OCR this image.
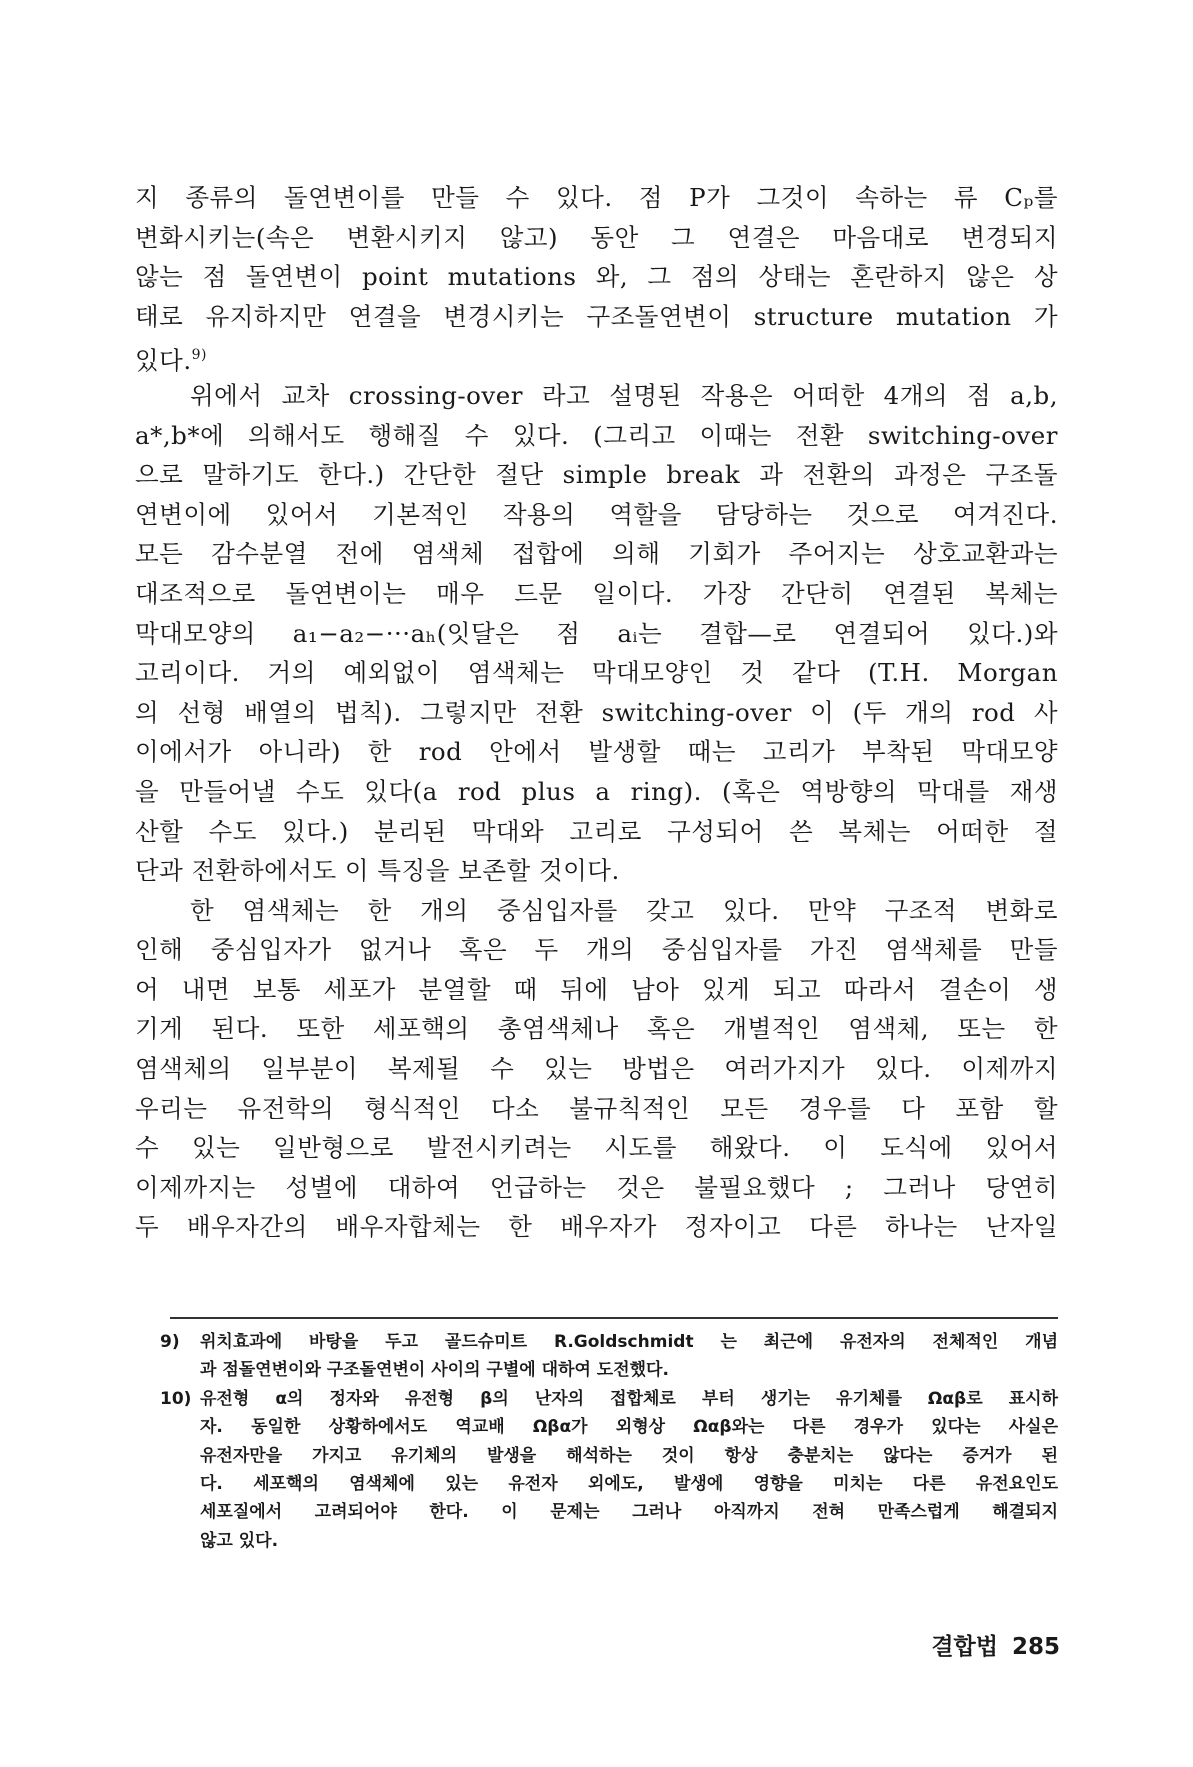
지 종류의 돌연변이를 만들 수 있다. 점 P가 그것이 속하는 류 Cₚ를
변화시키는(속은 변환시키지 않고) 동안 그 연결은 마음대로 변경되지
않는 점 돌연변이 point mutations 와, 그 점의 상태는 혼란하지 않은 상
태로 유지하지만 연결을 변경시키는 구조돌연변이 structure mutation 가
있다.$^{9)}$
위에서 교차 crossing-over 라고 설명된 작용은 어떠한 4개의 점 a,b,
a*,b*에 의해서도 행해질 수 있다. (그리고 이때는 전환 switching-over
으로 말하기도 한다.) 간단한 절단 simple break 과 전환의 과정은 구조돌
연변이에 있어서 기본적인 작용의 역할을 담당하는 것으로 여겨진다.
모든 감수분열 전에 염색체 접합에 의해 기회가 주어지는 상호교환과는
대조적으로 돌연변이는 매우 드문 일이다. 가장 간단히 연결된 복체는
막대모양의 a₁−a₂−···aₕ(잇달은 점 aᵢ는 결합—로 연결되어 있다.)와
고리이다. 거의 예외없이 염색체는 막대모양인 것 같다 (T.H. Morgan
의 선형 배열의 법칙). 그렇지만 전환 switching-over 이 (두 개의 rod 사
이에서가 아니라) 한 rod 안에서 발생할 때는 고리가 부착된 막대모양
을 만들어낼 수도 있다(a rod plus a ring). (혹은 역방향의 막대를 재생
산할 수도 있다.) 분리된 막대와 고리로 구성되어 쓴 복체는 어떠한 절
단과 전환하에서도 이 특징을 보존할 것이다.
한 염색체는 한 개의 중심입자를 갖고 있다. 만약 구조적 변화로
인해 중심입자가 없거나 혹은 두 개의 중심입자를 가진 염색체를 만들
어 내면 보통 세포가 분열할 때 뒤에 남아 있게 되고 따라서 결손이 생
기게 된다. 또한 세포핵의 총염색체나 혹은 개별적인 염색체, 또는 한
염색체의 일부분이 복제될 수 있는 방법은 여러가지가 있다. 이제까지
우리는 유전학의 형식적인 다소 불규칙적인 모든 경우를 다 포함 할
수 있는 일반형으로 발전시키려는 시도를 해왔다. 이 도식에 있어서
이제까지는 성별에 대하여 언급하는 것은 불필요했다 ; 그러나 당연히
두 배우자간의 배우자합체는 한 배우자가 정자이고 다른 하나는 난자일
9) 위치효과에 바탕을 두고 골드슈미트 R.Goldschmidt 는 최근에 유전자의 전체적인 개념
과 점돌연변이와 구조돌연변이 사이의 구별에 대하여 도전했다.
10) 유전형 α의 정자와 유전형 β의 난자의 접합체로 부터 생기는 유기체를 Ωαβ로 표시하
자. 동일한 상황하에서도 역교배 Ωβα가 외형상 Ωαβ와는 다른 경우가 있다는 사실은
유전자만을 가지고 유기체의 발생을 해석하는 것이 항상 충분치는 않다는 증거가 된
다. 세포핵의 염색체에 있는 유전자 외에도, 발생에 영향을 미치는 다른 유전요인도
세포질에서 고려되어야 한다. 이 문제는 그러나 아직까지 전혀 만족스럽게 해결되지
않고 있다.
결합법 285
